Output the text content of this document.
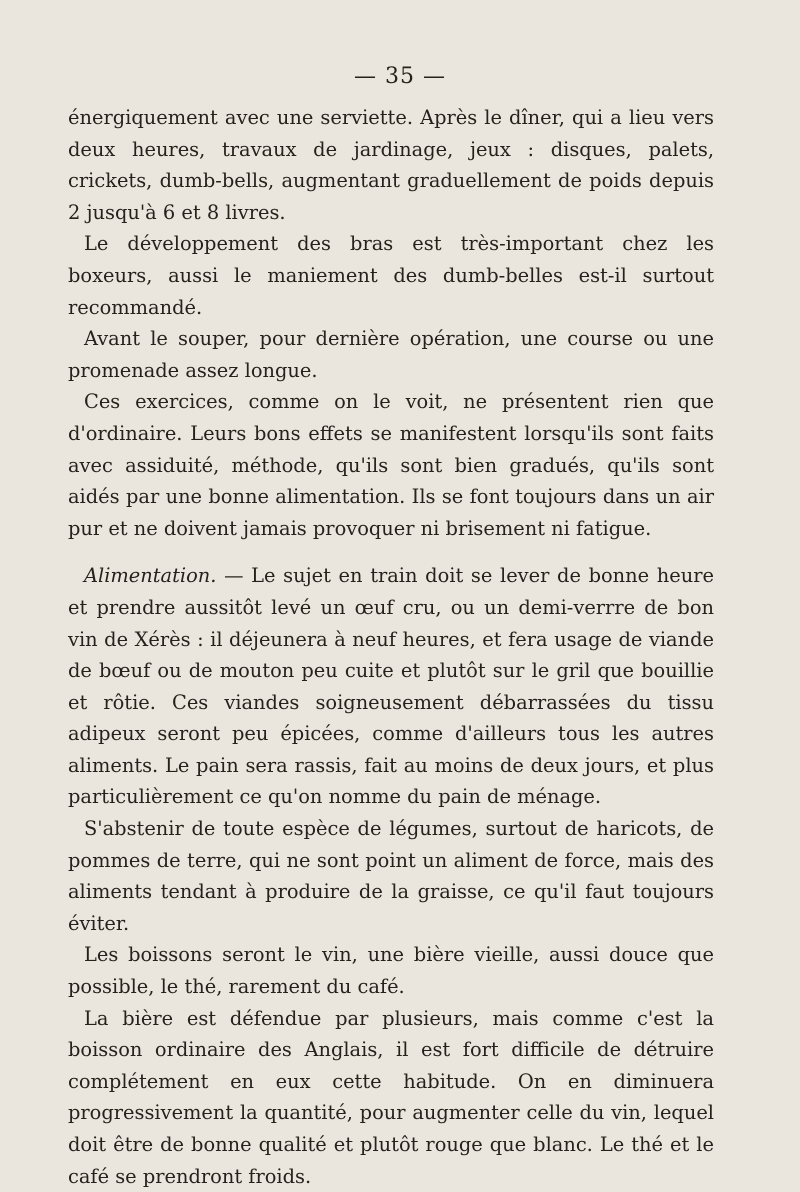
— 35 —

énergiquement avec une serviette. Après le dîner, qui a lieu vers deux heures, travaux de jardinage, jeux : disques, palets, crickets, dumb-bells, augmentant graduellement de poids depuis 2 jusqu'à 6 et 8 livres.

Le développement des bras est très-important chez les boxeurs, aussi le maniement des dumb-belles est-il surtout recommandé.

Avant le souper, pour dernière opération, une course ou une promenade assez longue.

Ces exercices, comme on le voit, ne présentent rien que d'ordinaire. Leurs bons effets se manifestent lorsqu'ils sont faits avec assiduité, méthode, qu'ils sont bien gradués, qu'ils sont aidés par une bonne alimentation. Ils se font toujours dans un air pur et ne doivent jamais provoquer ni brisement ni fatigue.

Alimentation. — Le sujet en train doit se lever de bonne heure et prendre aussitôt levé un œuf cru, ou un demi-verrre de bon vin de Xérès : il déjeunera à neuf heures, et fera usage de viande de bœuf ou de mouton peu cuite et plutôt sur le gril que bouillie et rôtie. Ces viandes soigneusement débarrassées du tissu adipeux seront peu épicées, comme d'ailleurs tous les autres aliments. Le pain sera rassis, fait au moins de deux jours, et plus particulièrement ce qu'on nomme du pain de ménage.

S'abstenir de toute espèce de légumes, surtout de haricots, de pommes de terre, qui ne sont point un aliment de force, mais des aliments tendant à produire de la graisse, ce qu'il faut toujours éviter.

Les boissons seront le vin, une bière vieille, aussi douce que possible, le thé, rarement du café.

La bière est défendue par plusieurs, mais comme c'est la boisson ordinaire des Anglais, il est fort difficile de détruire complétement en eux cette habitude. On en diminuera progressivement la quantité, pour augmenter celle du vin, lequel doit être de bonne qualité et plutôt rouge que blanc. Le thé et le café se prendront froids.
